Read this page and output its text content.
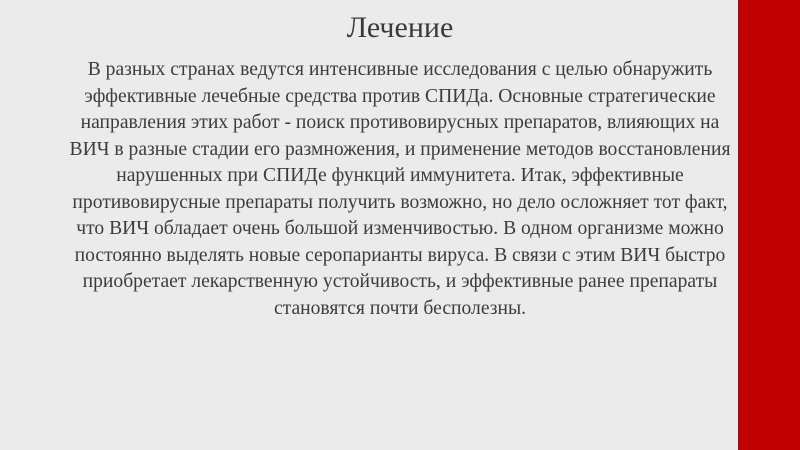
Лечение

В разных странах ведутся интенсивные исследования с целью обнаружить эффективные лечебные средства против СПИДа. Основные стратегические направления этих работ - поиск противовирусных препаратов, влияющих на ВИЧ в разные стадии его размножения, и применение методов восстановления нарушенных при СПИДе функций иммунитета. Итак, эффективные противовирусные препараты получить возможно, но дело осложняет тот факт, что ВИЧ обладает очень большой изменчивостью. В одном организме можно постоянно выделять новые серопарианты вируса. В связи с этим ВИЧ быстро приобретает лекарственную устойчивость, и эффективные ранее препараты становятся почти бесполезны.
